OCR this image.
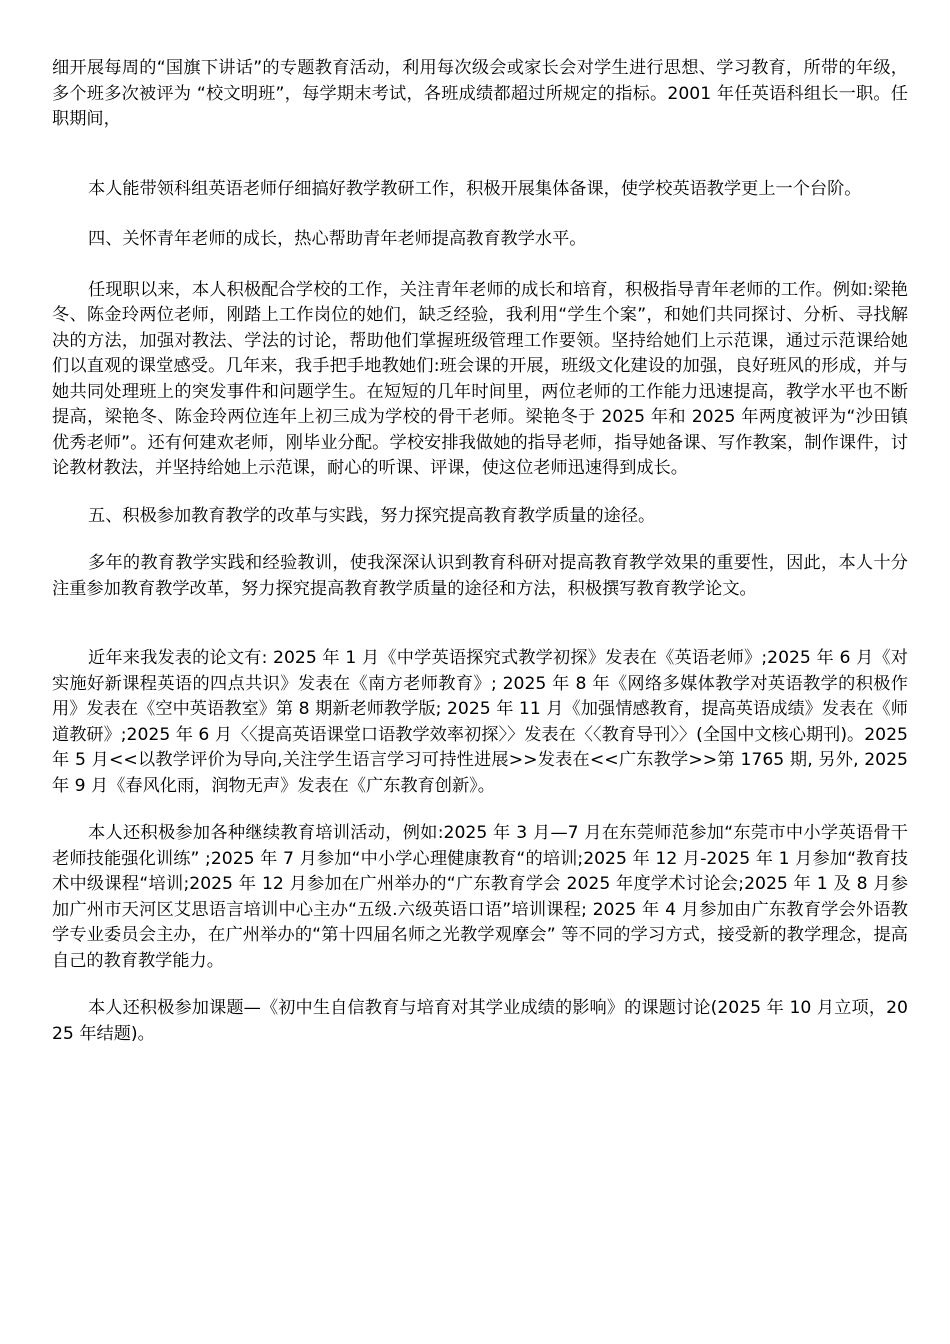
细开展每周的“国旗下讲话”的专题教育活动，利用每次级会或家长会对学生进行思想、学习教育，所带的年级，多个班多次被评为 “校文明班”，每学期末考试，各班成绩都超过所规定的指标。2001 年任英语科组长一职。任职期间，

本人能带领科组英语老师仔细搞好教学教研工作，积极开展集体备课，使学校英语教学更上一个台阶。

四、关怀青年老师的成长，热心帮助青年老师提高教育教学水平。

任现职以来，本人积极配合学校的工作，关注青年老师的成长和培育，积极指导青年老师的工作。例如:梁艳冬、陈金玲两位老师，刚踏上工作岗位的她们，缺乏经验，我利用“学生个案”，和她们共同探讨、分析、寻找解决的方法，加强对教法、学法的讨论，帮助他们掌握班级管理工作要领。坚持给她们上示范课，通过示范课给她们以直观的课堂感受。几年来，我手把手地教她们:班会课的开展，班级文化建设的加强，良好班风的形成，并与她共同处理班上的突发事件和问题学生。在短短的几年时间里，两位老师的工作能力迅速提高，教学水平也不断提高，梁艳冬、陈金玲两位连年上初三成为学校的骨干老师。梁艳冬于 2025 年和 2025 年两度被评为“沙田镇优秀老师”。还有何建欢老师，刚毕业分配。学校安排我做她的指导老师，指导她备课、写作教案，制作课件，讨论教材教法，并坚持给她上示范课，耐心的听课、评课，使这位老师迅速得到成长。

五、积极参加教育教学的改革与实践，努力探究提高教育教学质量的途径。

多年的教育教学实践和经验教训，使我深深认识到教育科研对提高教育教学效果的重要性，因此，本人十分注重参加教育教学改革，努力探究提高教育教学质量的途径和方法，积极撰写教育教学论文。

近年来我发表的论文有: 2025 年 1 月《中学英语探究式教学初探》发表在《英语老师》;2025 年 6 月《对实施好新课程英语的四点共识》发表在《南方老师教育》; 2025 年 8 年《网络多媒体教学对英语教学的积极作用》发表在《空中英语教室》第 8 期新老师教学版; 2025 年 11 月《加强情感教育，提高英语成绩》发表在《师道教研》;2025 年 6 月〈〈提高英语课堂口语教学效率初探〉〉发表在〈〈教育导刊〉〉(全国中文核心期刊)。2025 年 5 月<<以教学评价为导向,关注学生语言学习可持性进展>>发表在<<广东教学>>第 1765 期, 另外, 2025 年 9 月《春风化雨，润物无声》发表在《广东教育创新》。

本人还积极参加各种继续教育培训活动，例如:2025 年 3 月—7 月在东莞师范参加“东莞市中小学英语骨干老师技能强化训练” ;2025 年 7 月参加“中小学心理健康教育“的培训;2025 年 12 月-2025 年 1 月参加“教育技术中级课程“培训;2025 年 12 月参加在广州举办的“广东教育学会 2025 年度学术讨论会;2025 年 1 及 8 月参加广州市天河区艾思语言培训中心主办“五级.六级英语口语”培训课程; 2025 年 4 月参加由广东教育学会外语教学专业委员会主办，在广州举办的“第十四届名师之光教学观摩会” 等不同的学习方式，接受新的教学理念，提高自己的教育教学能力。

本人还积极参加课题—《初中生自信教育与培育对其学业成绩的影响》的课题讨论(2025 年 10 月立项，2025 年结题)。
